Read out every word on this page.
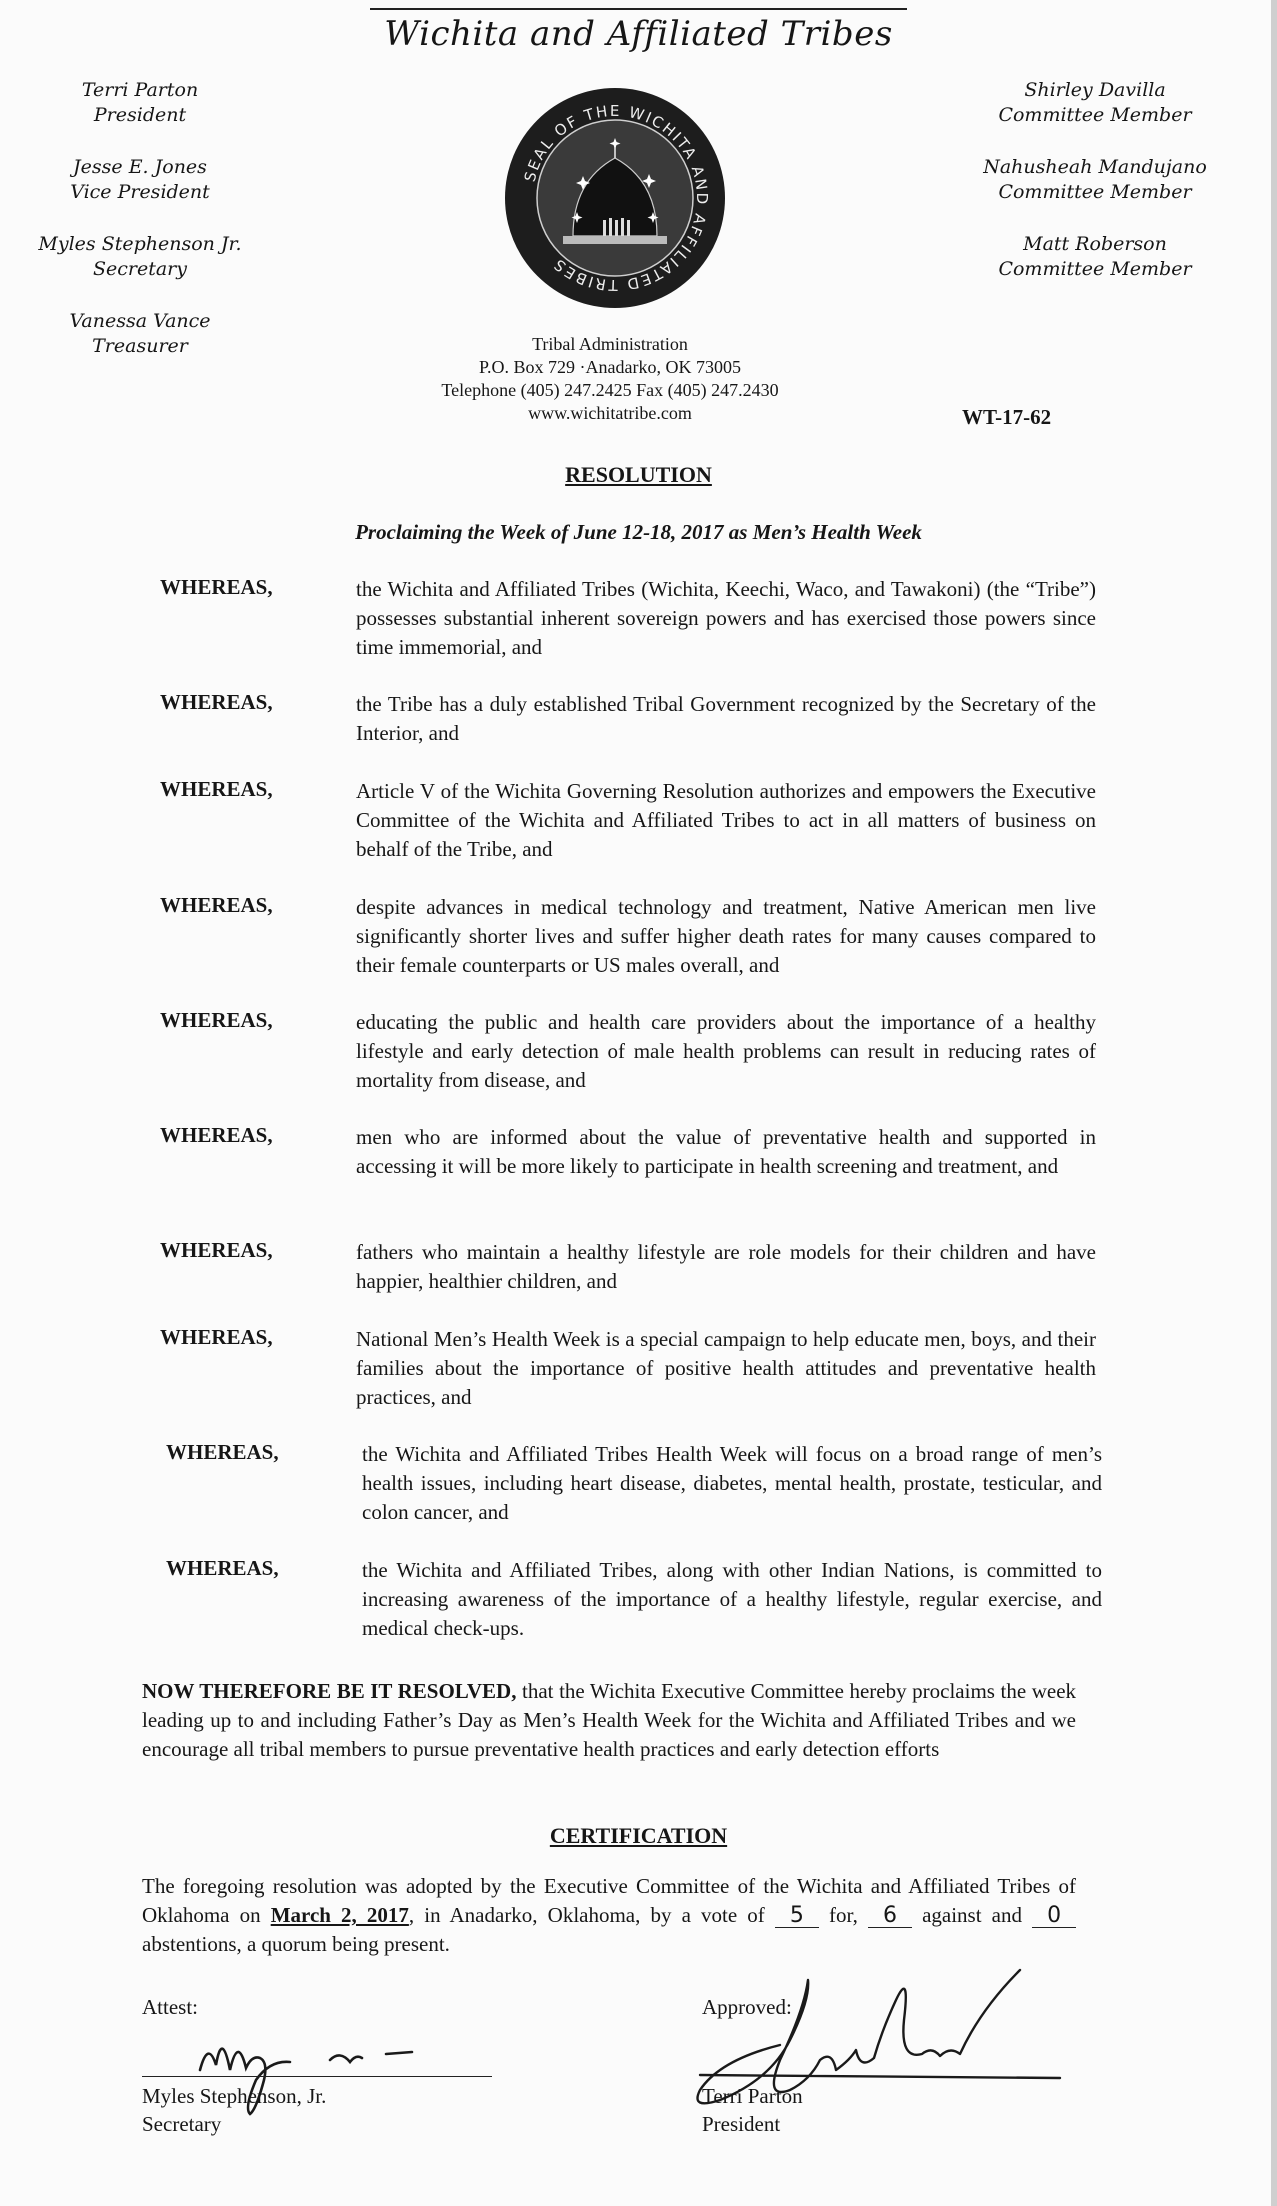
Wichita and Affiliated Tribes
Terri Parton
President
Jesse E. Jones
Vice President
Myles Stephenson Jr.
Secretary
Vanessa Vance
Treasurer
Shirley Davilla
Committee Member
Nahusheah Mandujano
Committee Member
Matt Roberson
Committee Member
SEAL OF THE WICHITA AND AFFILIATED TRIBES
Tribal Administration
P.O. Box 729 ·Anadarko, OK 73005
Telephone (405) 247.2425 Fax (405) 247.2430
www.wichitatribe.com	WT-17-62
RESOLUTION
Proclaiming the Week of June 12-18, 2017 as Men’s Health Week
WHEREAS,	the Wichita and Affiliated Tribes (Wichita, Keechi, Waco, and Tawakoni) (the “Tribe”) possesses substantial inherent sovereign powers and has exercised those powers since time immemorial, and
WHEREAS,	the Tribe has a duly established Tribal Government recognized by the Secretary of the Interior, and
WHEREAS,	Article V of the Wichita Governing Resolution authorizes and empowers the Executive Committee of the Wichita and Affiliated Tribes to act in all matters of business on behalf of the Tribe, and
WHEREAS,	despite advances in medical technology and treatment, Native American men live significantly shorter lives and suffer higher death rates for many causes compared to their female counterparts or US males overall, and
WHEREAS,	educating the public and health care providers about the importance of a healthy lifestyle and early detection of male health problems can result in reducing rates of mortality from disease, and
WHEREAS,	men who are informed about the value of preventative health and supported in accessing it will be more likely to participate in health screening and treatment, and
WHEREAS,	fathers who maintain a healthy lifestyle are role models for their children and have happier, healthier children, and
WHEREAS,	National Men’s Health Week is a special campaign to help educate men, boys, and their families about the importance of positive health attitudes and preventative health practices, and
WHEREAS,	the Wichita and Affiliated Tribes Health Week will focus on a broad range of men’s health issues, including heart disease, diabetes, mental health, prostate, testicular, and colon cancer, and
WHEREAS,	the Wichita and Affiliated Tribes, along with other Indian Nations, is committed to increasing awareness of the importance of a healthy lifestyle, regular exercise, and medical check-ups.
NOW THEREFORE BE IT RESOLVED, that the Wichita Executive Committee hereby proclaims the week leading up to and including Father’s Day as Men’s Health Week for the Wichita and Affiliated Tribes and we encourage all tribal members to pursue preventative health practices and early detection efforts
CERTIFICATION
The foregoing resolution was adopted by the Executive Committee of the Wichita and Affiliated Tribes of Oklahoma on March 2, 2017, in Anadarko, Oklahoma, by a vote of 5 for, 6 against and 0 abstentions, a quorum being present.
Attest:
Myles Stephenson, Jr.
Secretary
Approved:
Terri Parton
President
